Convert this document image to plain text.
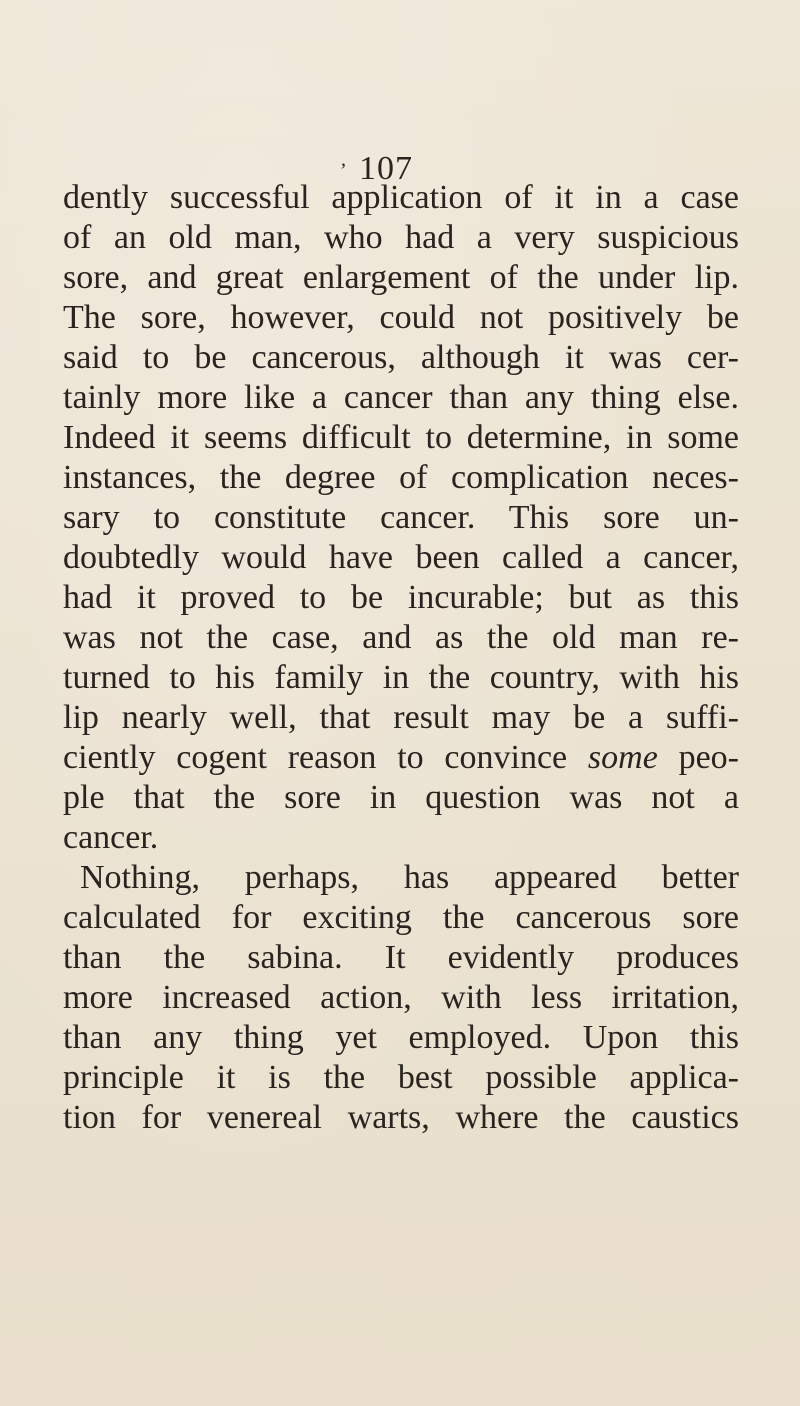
ʼ 107
dently successful application of it in a case
of an old man, who had a very suspicious
sore, and great enlargement of the under lip.
The sore, however, could not positively be
said to be cancerous, although it was cer-
tainly more like a cancer than any thing else.
Indeed it seems difficult to determine, in some
instances, the degree of complication neces-
sary to constitute cancer. This sore un-
doubtedly would have been called a cancer,
had it proved to be incurable; but as this
was not the case, and as the old man re-
turned to his family in the country, with his
lip nearly well, that result may be a suffi-
ciently cogent reason to convince some peo-
ple that the sore in question was not a
cancer.
Nothing, perhaps, has appeared better
calculated for exciting the cancerous sore
than the sabina. It evidently produces
more increased action, with less irritation,
than any thing yet employed. Upon this
principle it is the best possible applica-
tion for venereal warts, where the caustics
